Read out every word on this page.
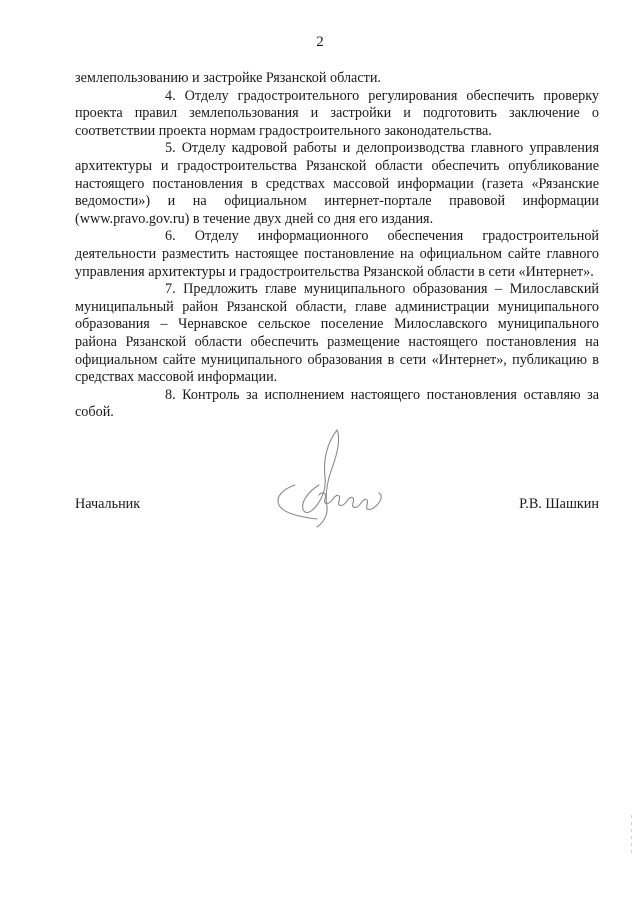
2

землепользованию и застройке Рязанской области.

4. Отделу градостроительного регулирования обеспечить проверку проекта правил землепользования и застройки и подготовить заключение о соответствии проекта нормам градостроительного законодательства.

5. Отделу кадровой работы и делопроизводства главного управления архитектуры и градостроительства Рязанской области обеспечить опубликование настоящего постановления в средствах массовой информации (газета «Рязанские ведомости») и на официальном интернет-портале правовой информации (www.pravo.gov.ru) в течение двух дней со дня его издания.

6. Отделу информационного обеспечения градостроительной деятельности разместить настоящее постановление на официальном сайте главного управления архитектуры и градостроительства Рязанской области в сети «Интернет».

7. Предложить главе муниципального образования – Милославский муниципальный район Рязанской области, главе администрации муниципального образования – Чернавское сельское поселение Милославского муниципального района Рязанской области обеспечить размещение настоящего постановления на официальном сайте муниципального образования в сети «Интернет», публикацию в средствах массовой информации.

8. Контроль за исполнением настоящего постановления оставляю за собой.

Начальник	Р.В. Шашкин
